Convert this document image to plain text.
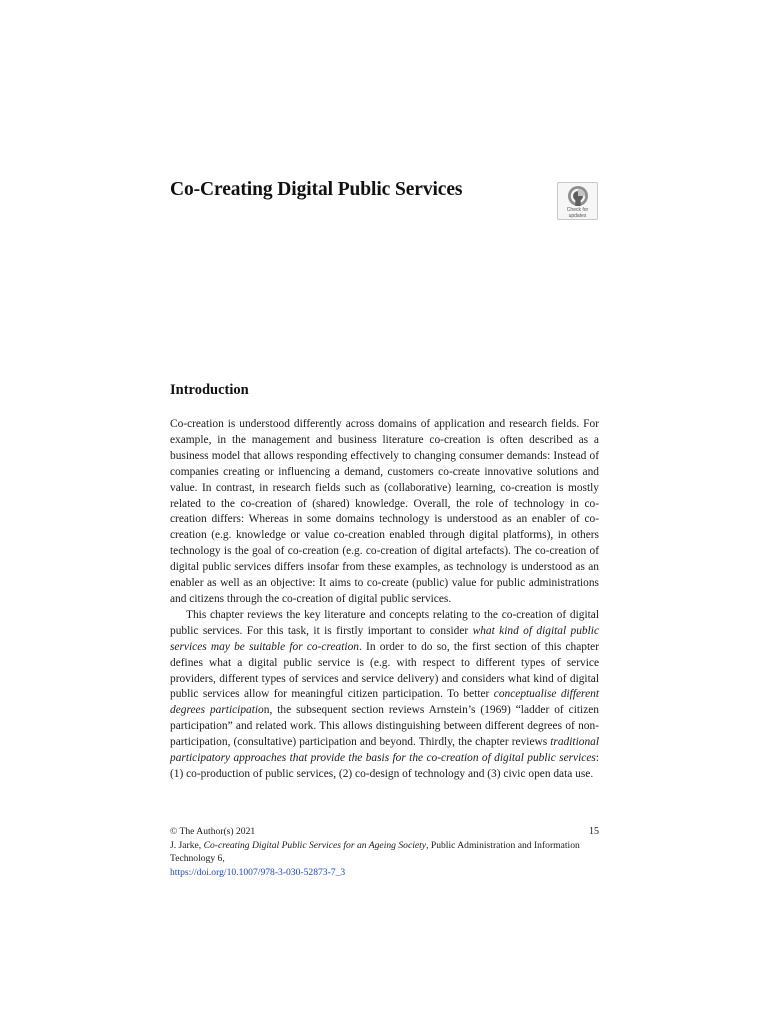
Co-Creating Digital Public Services
Check for
updates
Introduction

Co-creation is understood differently across domains of application and research fields. For example, in the management and business literature co-creation is often described as a business model that allows responding effectively to changing consumer demands: Instead of companies creating or influencing a demand, customers co-create innovative solutions and value. In contrast, in research fields such as (collaborative) learning, co-creation is mostly related to the co-creation of (shared) knowledge. Overall, the role of technology in co-creation differs: Whereas in some domains technology is understood as an enabler of co-creation (e.g. knowledge or value co-creation enabled through digital platforms), in others technology is the goal of co-creation (e.g. co-creation of digital artefacts). The co-creation of digital public services differs insofar from these examples, as technology is understood as an enabler as well as an objective: It aims to co-create (public) value for public administrations and citizens through the co-creation of digital public services.

This chapter reviews the key literature and concepts relating to the co-creation of digital public services. For this task, it is firstly important to consider what kind of digital public services may be suitable for co-creation. In order to do so, the first section of this chapter defines what a digital public service is (e.g. with respect to different types of service providers, different types of services and service delivery) and considers what kind of digital public services allow for meaningful citizen participation. To better conceptualise different degrees participation, the subsequent section reviews Arnstein’s (1969) “ladder of citizen participation” and related work. This allows distinguishing between different degrees of non-participation, (consultative) participation and beyond. Thirdly, the chapter reviews traditional participatory approaches that provide the basis for the co-creation of digital public services: (1) co-production of public services, (2) co-design of technology and (3) civic open data use.

15
© The Author(s) 2021
J. Jarke, Co-creating Digital Public Services for an Ageing Society, Public Administration and Information Technology 6,
https://doi.org/10.1007/978-3-030-52873-7_3
